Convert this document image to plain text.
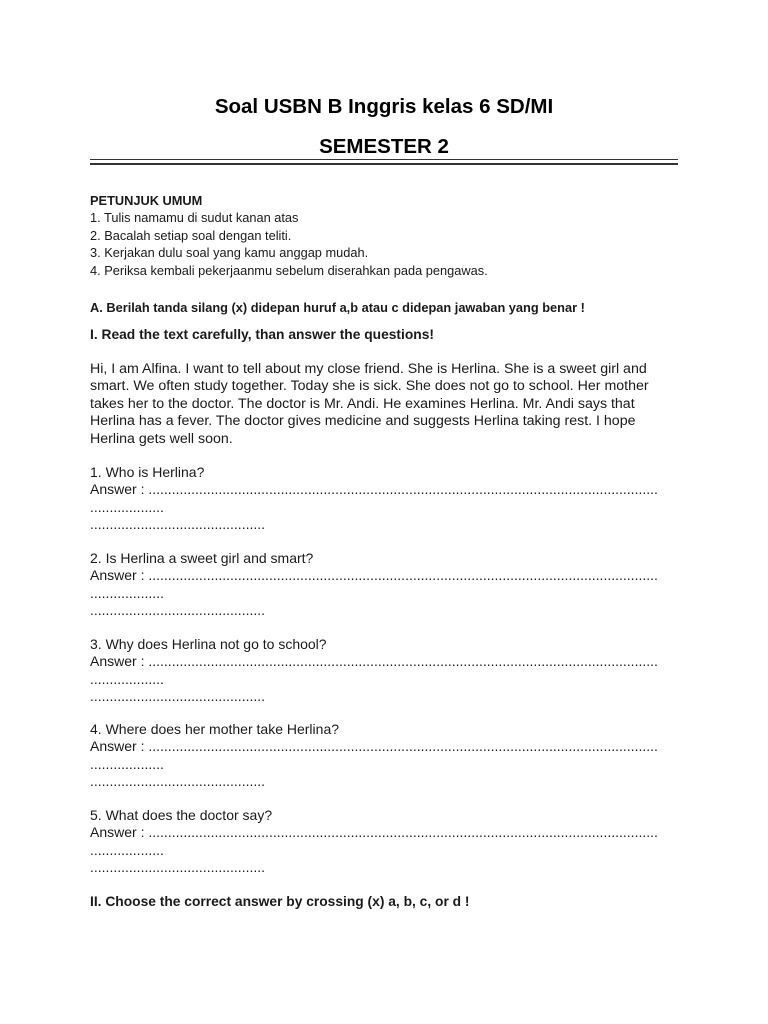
Soal USBN B Inggris kelas 6 SD/MI
SEMESTER 2
PETUNJUK UMUM
1. Tulis namamu di sudut kanan atas
2. Bacalah setiap soal dengan teliti.
3. Kerjakan dulu soal yang kamu anggap mudah.
4. Periksa kembali pekerjaanmu sebelum diserahkan pada pengawas.
A. Berilah tanda silang (x) didepan huruf a,b atau c didepan jawaban yang benar !
I. Read the text carefully, than answer the questions!
Hi, I am Alfina. I want to tell about my close friend. She is Herlina. She is a sweet girl and
smart. We often study together. Today she is sick. She does not go to school. Her mother
takes her to the doctor. The doctor is Mr. Andi. He examines Herlina. Mr. Andi says that
Herlina has a fever. The doctor gives medicine and suggests Herlina taking rest. I hope
Herlina gets well soon.
1. Who is Herlina?
Answer : ...................................................................................................................................
...................
.............................................
2. Is Herlina a sweet girl and smart?
Answer : ...................................................................................................................................
...................
.............................................
3. Why does Herlina not go to school?
Answer : ...................................................................................................................................
...................
.............................................
4. Where does her mother take Herlina?
Answer : ...................................................................................................................................
...................
.............................................
5. What does the doctor say?
Answer : ...................................................................................................................................
...................
.............................................
II. Choose the correct answer by crossing (x) a, b, c, or d !
